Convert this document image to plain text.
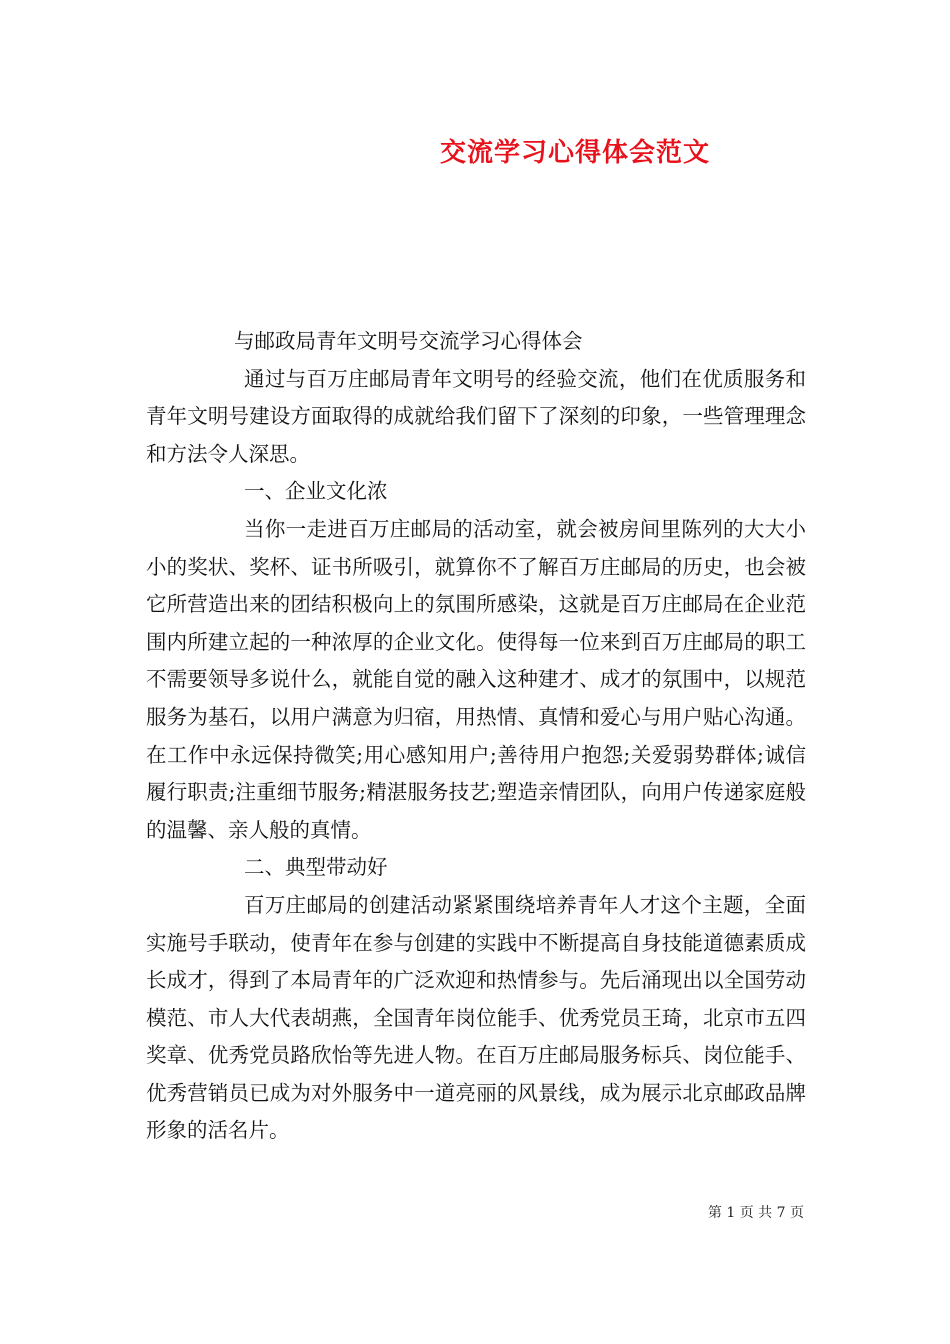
交流学习心得体会范文

与邮政局青年文明号交流学习心得体会

通过与百万庄邮局青年文明号的经验交流，他们在优质服务和青年文明号建设方面取得的成就给我们留下了深刻的印象，一些管理理念和方法令人深思。

一、企业文化浓

当你一走进百万庄邮局的活动室，就会被房间里陈列的大大小小的奖状、奖杯、证书所吸引，就算你不了解百万庄邮局的历史，也会被它所营造出来的团结积极向上的氛围所感染，这就是百万庄邮局在企业范围内所建立起的一种浓厚的企业文化。使得每一位来到百万庄邮局的职工不需要领导多说什么，就能自觉的融入这种建才、成才的氛围中，以规范服务为基石，以用户满意为归宿，用热情、真情和爱心与用户贴心沟通。在工作中永远保持微笑;用心感知用户;善待用户抱怨;关爱弱势群体;诚信履行职责;注重细节服务;精湛服务技艺;塑造亲情团队，向用户传递家庭般的温馨、亲人般的真情。

二、典型带动好

百万庄邮局的创建活动紧紧围绕培养青年人才这个主题，全面实施号手联动，使青年在参与创建的实践中不断提高自身技能道德素质成长成才，得到了本局青年的广泛欢迎和热情参与。先后涌现出以全国劳动模范、市人大代表胡燕，全国青年岗位能手、优秀党员王琦，北京市五四奖章、优秀党员路欣怡等先进人物。在百万庄邮局服务标兵、岗位能手、优秀营销员已成为对外服务中一道亮丽的风景线，成为展示北京邮政品牌形象的活名片。

第 1 页 共 7 页
